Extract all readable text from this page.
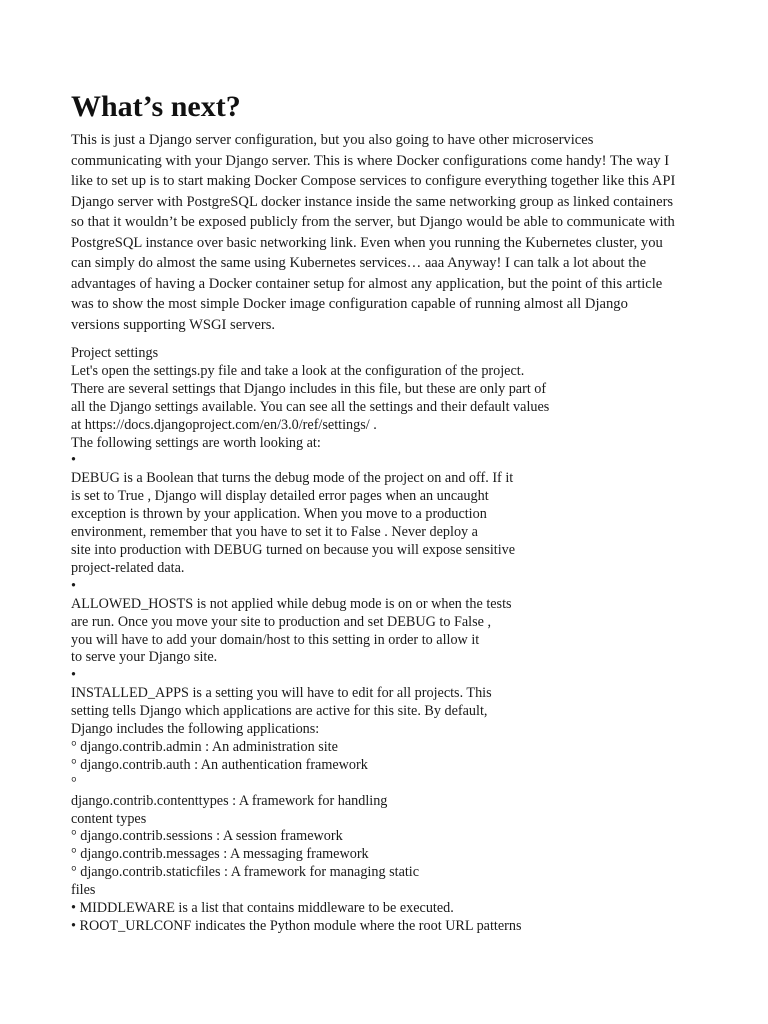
What’s next?
This is just a Django server configuration, but you also going to have other microservices
communicating with your Django server. This is where Docker configurations come handy! The way I
like to set up is to start making Docker Compose services to configure everything together like this API
Django server with PostgreSQL docker instance inside the same networking group as linked containers
so that it wouldn’t be exposed publicly from the server, but Django would be able to communicate with
PostgreSQL instance over basic networking link. Even when you running the Kubernetes cluster, you
can simply do almost the same using Kubernetes services… aaa Anyway! I can talk a lot about the
advantages of having a Docker container setup for almost any application, but the point of this article
was to show the most simple Docker image configuration capable of running almost all Django
versions supporting WSGI servers.
Project settings
Let's open the settings.py file and take a look at the configuration of the project.
There are several settings that Django includes in this file, but these are only part of
all the Django settings available. You can see all the settings and their default values
at https://docs.djangoproject.com/en/3.0/ref/settings/ .
The following settings are worth looking at:
•
DEBUG is a Boolean that turns the debug mode of the project on and off. If it
is set to True , Django will display detailed error pages when an uncaught
exception is thrown by your application. When you move to a production
environment, remember that you have to set it to False . Never deploy a
site into production with DEBUG turned on because you will expose sensitive
project-related data.
•
ALLOWED_HOSTS is not applied while debug mode is on or when the tests
are run. Once you move your site to production and set DEBUG to False ,
you will have to add your domain/host to this setting in order to allow it
to serve your Django site.
•
INSTALLED_APPS is a setting you will have to edit for all projects. This
setting tells Django which applications are active for this site. By default,
Django includes the following applications:
° django.contrib.admin : An administration site
° django.contrib.auth : An authentication framework
°
django.contrib.contenttypes : A framework for handling
content types
° django.contrib.sessions : A session framework
° django.contrib.messages : A messaging framework
° django.contrib.staticfiles : A framework for managing static
files
• MIDDLEWARE is a list that contains middleware to be executed.
• ROOT_URLCONF indicates the Python module where the root URL patterns
